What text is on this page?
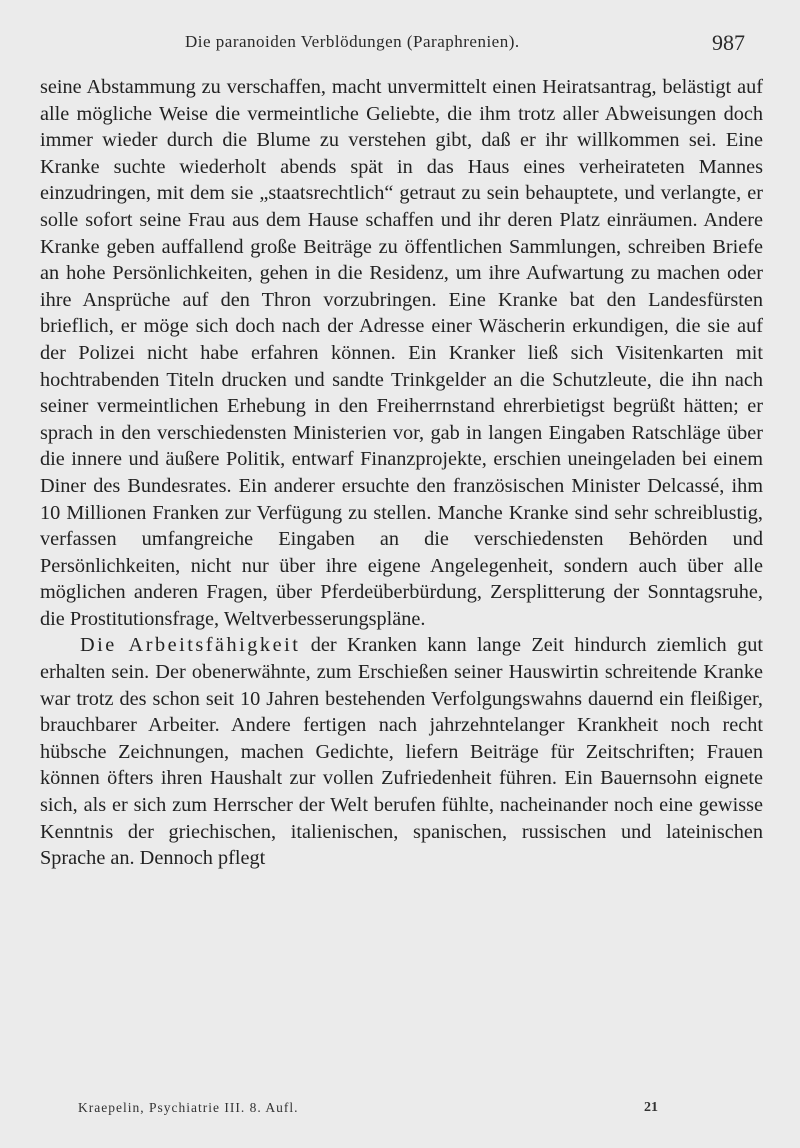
Die paranoiden Verblödungen (Paraphrenien).	987

seine Abstammung zu verschaffen, macht unvermittelt einen Heiratsantrag, belästigt auf alle mögliche Weise die vermeintliche Geliebte, die ihm trotz aller Abweisungen doch immer wieder durch die Blume zu verstehen gibt, daß er ihr willkommen sei. Eine Kranke suchte wiederholt abends spät in das Haus eines verheirateten Mannes einzudringen, mit dem sie „staatsrechtlich“ getraut zu sein behauptete, und verlangte, er solle sofort seine Frau aus dem Hause schaffen und ihr deren Platz einräumen. Andere Kranke geben auffallend große Beiträge zu öffentlichen Sammlungen, schreiben Briefe an hohe Persönlichkeiten, gehen in die Residenz, um ihre Aufwartung zu machen oder ihre Ansprüche auf den Thron vorzubringen. Eine Kranke bat den Landesfürsten brieflich, er möge sich doch nach der Adresse einer Wäscherin erkundigen, die sie auf der Polizei nicht habe erfahren können. Ein Kranker ließ sich Visitenkarten mit hochtrabenden Titeln drucken und sandte Trinkgelder an die Schutzleute, die ihn nach seiner vermeintlichen Erhebung in den Freiherrnstand ehrerbietigst begrüßt hätten; er sprach in den verschiedensten Ministerien vor, gab in langen Eingaben Ratschläge über die innere und äußere Politik, entwarf Finanzprojekte, erschien uneingeladen bei einem Diner des Bundesrates. Ein anderer ersuchte den französischen Minister Delcassé, ihm 10 Millionen Franken zur Verfügung zu stellen. Manche Kranke sind sehr schreiblustig, verfassen umfangreiche Eingaben an die verschiedensten Behörden und Persönlichkeiten, nicht nur über ihre eigene Angelegenheit, sondern auch über alle möglichen anderen Fragen, über Pferdeüberbürdung, Zersplitterung der Sonntagsruhe, die Prostitutionsfrage, Weltverbesserungspläne.

Die Arbeitsfähigkeit der Kranken kann lange Zeit hindurch ziemlich gut erhalten sein. Der obenerwähnte, zum Erschießen seiner Hauswirtin schreitende Kranke war trotz des schon seit 10 Jahren bestehenden Verfolgungswahns dauernd ein fleißiger, brauchbarer Arbeiter. Andere fertigen nach jahrzehntelanger Krankheit noch recht hübsche Zeichnungen, machen Gedichte, liefern Beiträge für Zeitschriften; Frauen können öfters ihren Haushalt zur vollen Zufriedenheit führen. Ein Bauernsohn eignete sich, als er sich zum Herrscher der Welt berufen fühlte, nacheinander noch eine gewisse Kenntnis der griechischen, italienischen, spanischen, russischen und lateinischen Sprache an. Dennoch pflegt

Kraepelin, Psychiatrie III. 8. Aufl.	21
